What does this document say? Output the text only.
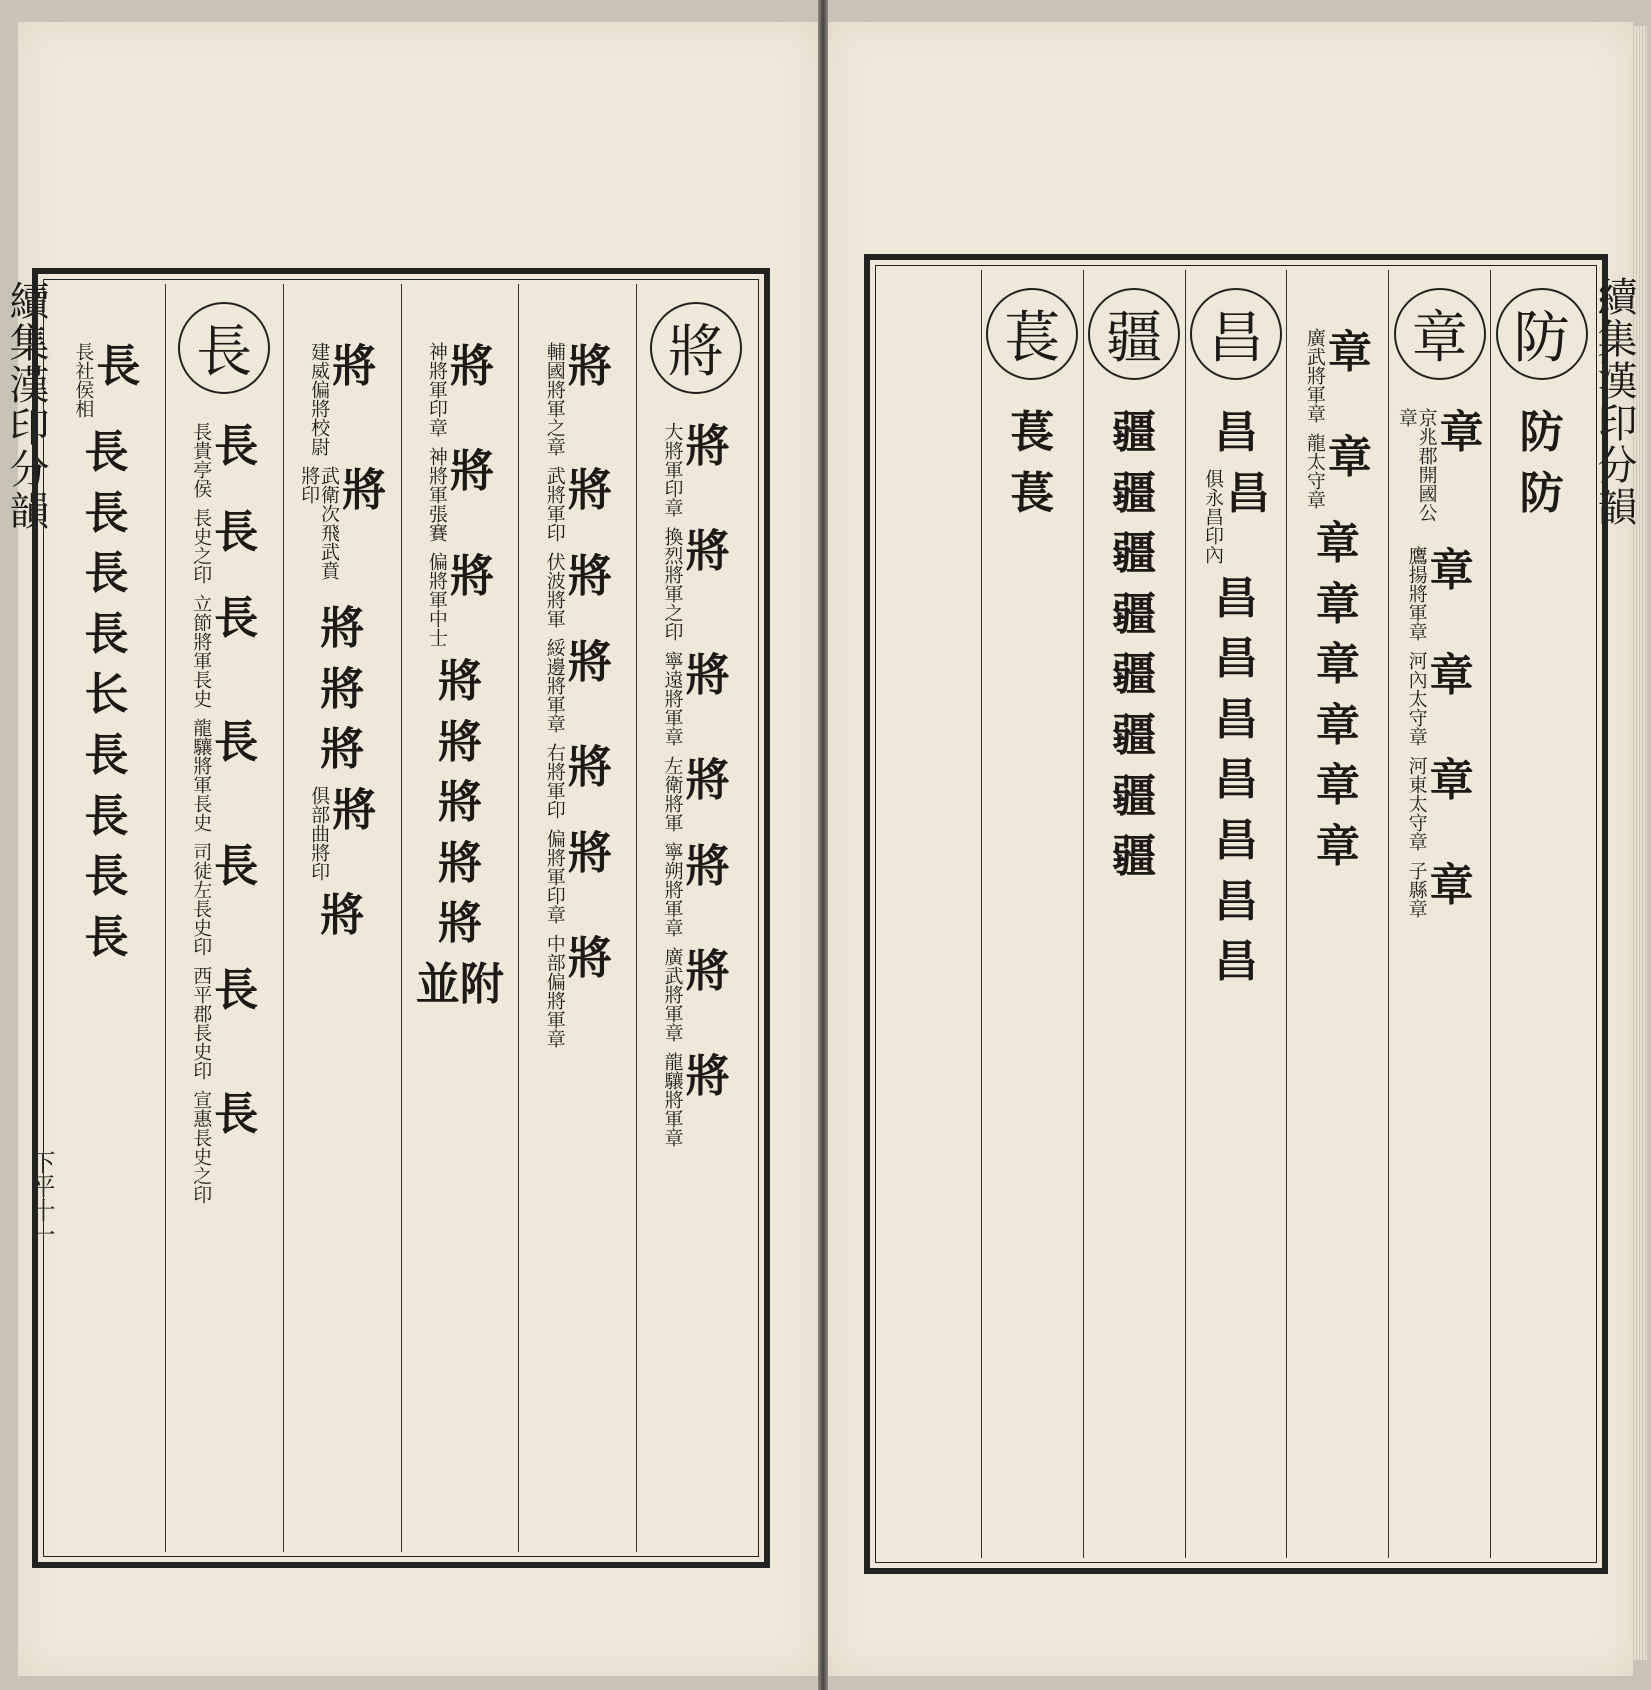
續集漢印分韻
下平十一
續集漢印分韻
將
將
大將軍印章
將
換烈將軍之印
將
寧遠將軍章
將
左衛將軍
將
寧朔將軍章
將
廣武將軍章
將
龍驤將軍章
將
輔國將軍之章
將
武將軍印
將
伏波將軍
將
綏邊將軍章
將
右將軍印
將
偏將軍印章
將
中部偏將軍章
將
神將軍印章
將
神將軍張賽
將
偏將軍中士
將
將
將
將
將
並附
將
建威偏將校尉
將
武衛次飛武賁將印
將
將
將
將
俱部曲將印
將
長
長
長貴亭侯
長
長史之印
長
立節將軍長史
長
龍驤將軍長史
長
司徒左長史印
長
西平郡長史印
長
宣惠長史之印
長
長社侯相
長
長
長
長
长
長
長
長
長
防
防
防
章
章
京兆郡開國公章
章
鷹揚將軍章
章
河內太守章
章
河東太守章
章
子縣章
章
廣武將軍章
章
龍太守章
章
章
章
章
章
章
昌
昌
昌
俱永昌印內
昌
昌
昌
昌
昌
昌
昌
疆
疆
疆
疆
疆
疆
疆
疆
疆
萇
萇
萇
